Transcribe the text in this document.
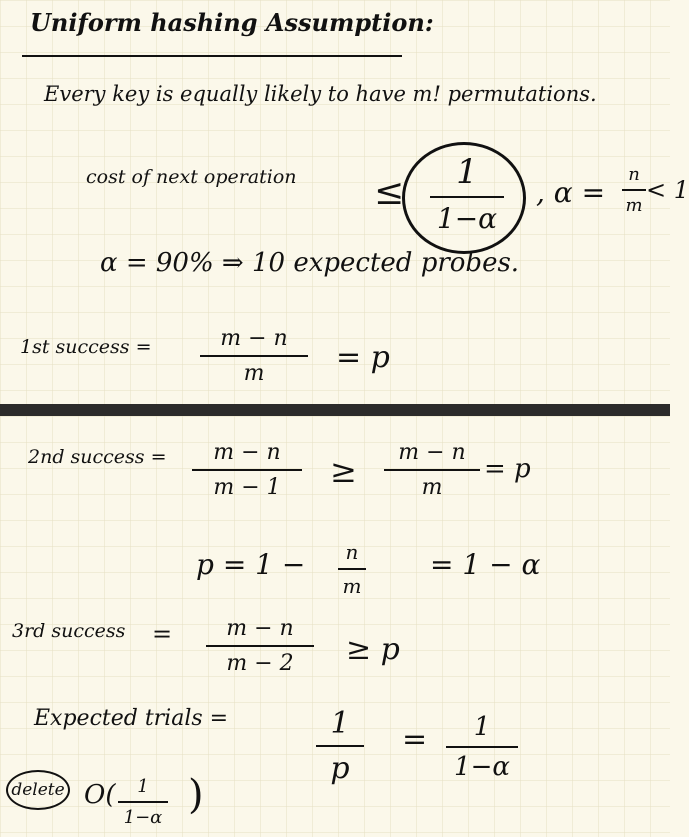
Uniform hashing Assumption:
Every key is equally likely to have m! permutations.
cost of next operation ≤ 1
1−α
, α =
n
m
< 1
α = 90% ⇒ 10 expected probes.
1st success =	m − n
m = p
2nd success = m − n
m − 1 ≥ m − n
m
= p
p = 1 − n
m
= 1 − α
3rd success = m − n
m − 2 ≥ p
Expected trials =	1
p
= 1
1−α
delete O( 1
1−α )
